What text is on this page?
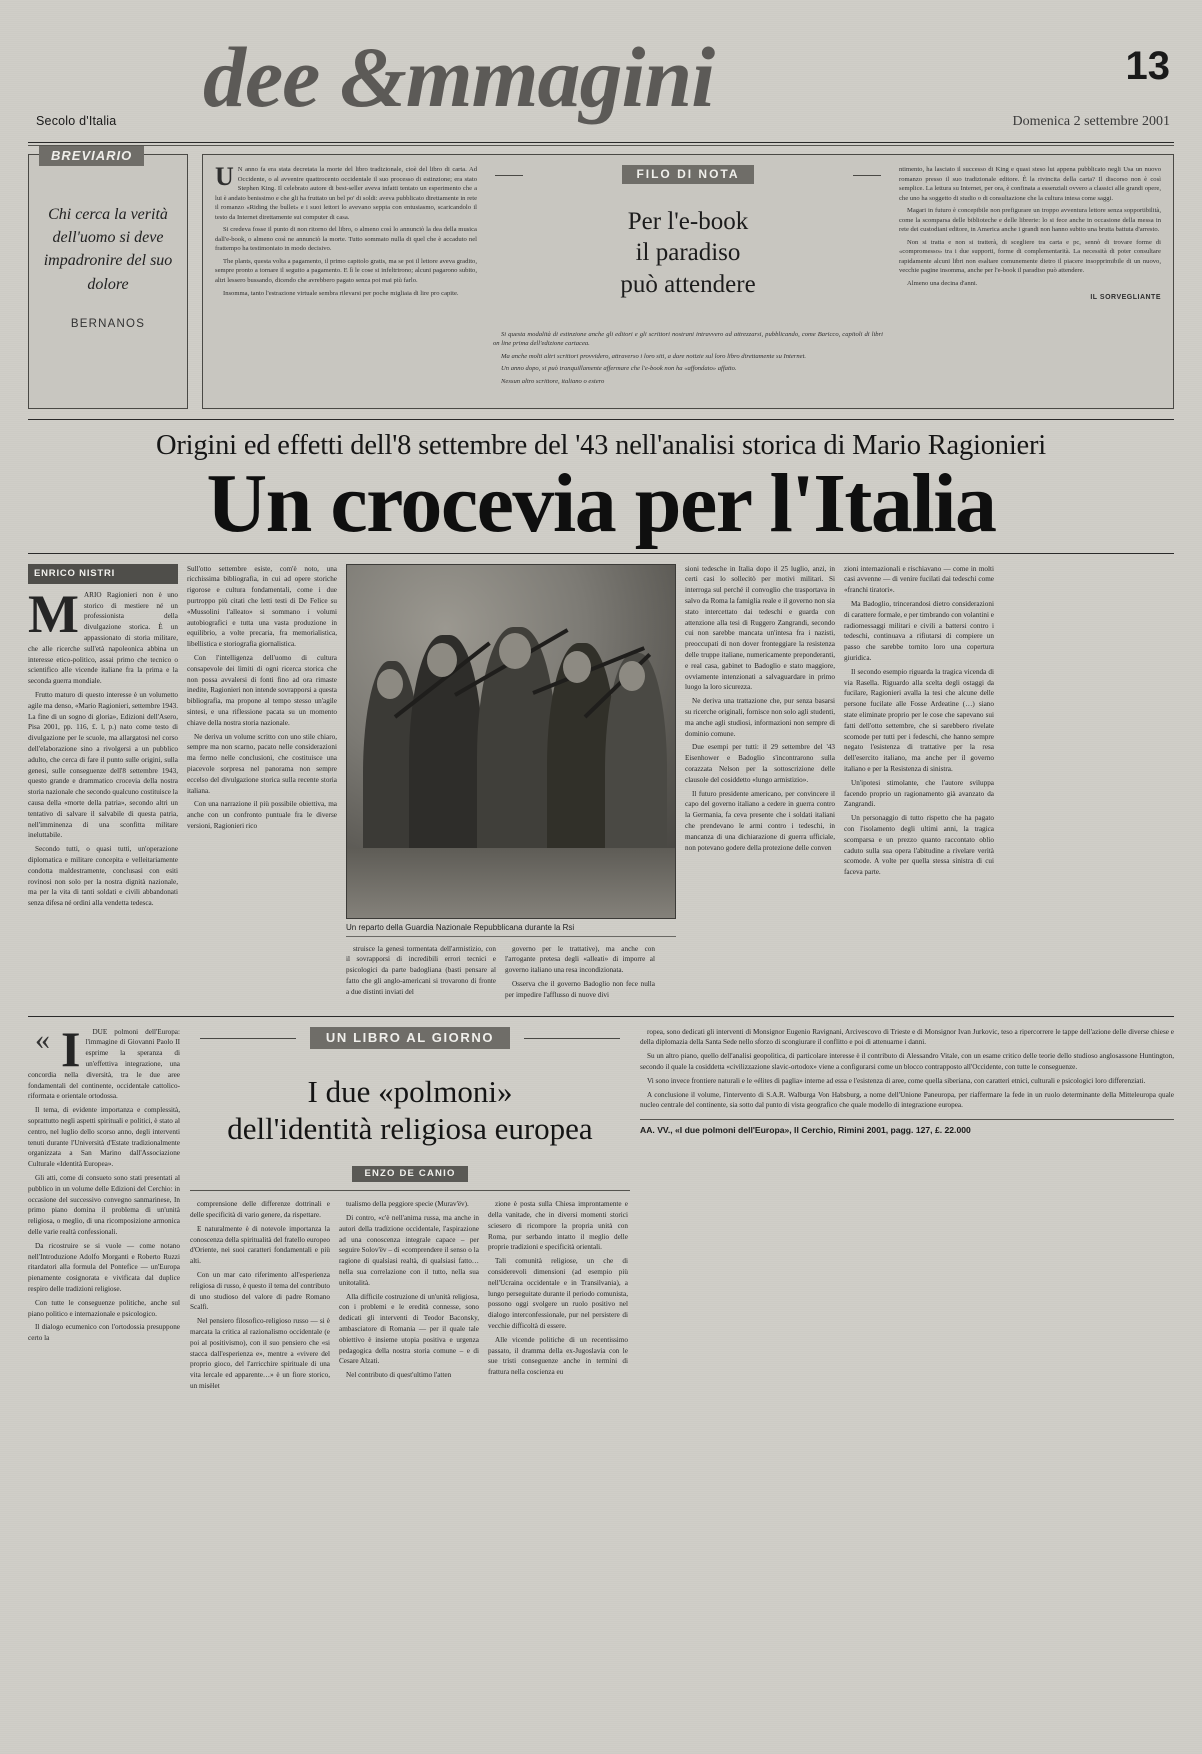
13
dee &mmagini
Secolo d'Italia	Domenica 2 settembre 2001
BREVIARIO
Chi cerca la verità dell'uomo si deve impadronire del suo dolore
BERNANOS

U N anno fa era stata decretata la morte del libro tradizionale, cioè del libro di carta. Ad Occidente, o al avvenire quattrocento occidentale il suo processo di estinzione; era stato Stephen King. Il celebrato autore di best-seller aveva infatti tentato un esperimento che a lui è andato benissimo e che gli ha fruttato un bel po' di soldi: aveva pubblicato direttamente in rete il romanzo «Riding the bullet» e i suoi lettori lo avevano seppia con entusiasmo, scaricandolo il testo da Internet direttamente sui computer di casa.

Si credeva fosse il punto di non ritorno del libro, o almeno così lo annunciò la dea della musica dall'e-book, o almeno così ne annunciò la morte. Tutto sommato nulla di quel che è accaduto nel frattempo ha testimoniato in modo decisivo.

The plants, questa volta a pagamento, il primo capitolo gratis, ma se poi il lettore aveva gradito, sempre pronto a tornare il seguito a pagamento. E lì le cose si infeltrirono; alcuni pagarono subito, altri lessero bussando, dicendo che avrebbero pagato senza poi mai più farlo.

Insomma, tanto l'estrazione virtuale sembra rilevarsi per poche migliaia di lire pro capite.

FILO DI NOTA
Per l'e-book
il paradiso
può attendere

Si questa modalità di estinzione anche gli editori e gli scrittori nostrani intravvero ad attrezzarsi, pubblicando, come Baricco, capitoli di libri on line prima dell'edizione cartacea.

Ma anche molti altri scrittori provvidero, attraverso i loro siti, a dare notizie sul loro libro direttamente su Internet.

Un anno dopo, si può tranquillamente affermare che l'e-book non ha «affondato» affatto.

Nessun altro scrittore, italiano o estero

ntimento, ha lasciato il successo di King e quasi steso lui appena pubblicato negli Usa un nuovo romanzo presso il suo tradizionale editore. È la rivincita della carta? Il discorso non è così semplice. La lettura su Internet, per ora, è confinata a essenziali ovvero a classici alle grandi opere, che uno ha soggetto di studio o di consultazione che la cultura intesa come saggi.

Magari in futuro è concepibile non prefigurare un troppo avventura lettore senza sopportibilità, come la scomparsa delle biblioteche e delle librerie: lo si fece anche in occasione della messa in rete dei custodiani editore, in America anche i grandi non hanno subito una brutta battuta d'arresto.

Non si tratta e non si tratterà, di scegliere tra carta e pc, sennò di trovare forme di «compromesso» tra i due supporti, forme di complementarità. La necessità di poter consultare rapidamente alcuni libri non esaltare comunemente dietro il piacere insopprimibile di un nuovo, vecchie pagine insomma, anche per l'e-book il paradiso può attendere.

Almeno una decina d'anni.

IL SORVEGLIANTE
Origini ed effetti dell'8 settembre del '43 nell'analisi storica di Mario Ragionieri
Un crocevia per l'Italia
ENRICO NISTRI

MARIO Ragionieri non è uno storico di mestiere né un professionista della divulgazione storica. È un appassionato di storia militare, che alle ricerche sull'età napoleonica abbina un interesse etico-politico, assai primo che tecnico o scientifico alle vicende italiane fra la prima e la seconda guerra mondiale.

Frutto maturo di questo interesse è un volumetto agile ma denso, «Mario Ragionieri, settembre 1943. La fine di un sogno di gloria», Edizioni dell'Asero, Pisa 2001, pp. 116, £. l, p.) nato come testo di divulgazione per le scuole, ma allargatosi nel corso dell'elaborazione sino a rivolgersi a un pubblico adulto, che cerca di fare il punto sulle origini, sulla genesi, sulle conseguenze dell'8 settembre 1943, questo grande e drammatico crocevia della nostra storia nazionale che secondo qualcuno costituisce la causa della «morte della patria», secondo altri un tentativo di salvare il salvabile di questa patria, nell'imminenza di una sconfitta militare ineluttabile.

Secondo tutti, o quasi tutti, un'operazione diplomatica e militare concepita e velleitariamente condotta maldestramente, conclusasi con esiti rovinosi non solo per la nostra dignità nazionale, ma per la vita di tanti soldati e civili abbandonati senza difesa né ordini alla vendetta tedesca.

Sull'otto settembre esiste, com'è noto, una ricchissima bibliografia, in cui ad opere storiche rigorose e cultura fondamentali, come i due purtroppo più citati che letti testi di De Felice su «Mussolini l'alleato» si sommano i volumi autobiografici e tutta una vasta produzione in equilibrio, a volte precaria, fra memorialistica, libellistica e storiografia giornalistica.

Con l'intelligenza dell'uomo di cultura consapevole dei limiti di ogni ricerca storica che non possa avvalersi di fonti fino ad ora rimaste inedite, Ragionieri non intende sovrapporsi a questa bibliografia, ma propone al tempo stesso un'agile sintesi, e una riflessione pacata su un momento chiave della nostra storia nazionale.

Ne deriva un volume scritto con uno stile chiaro, sempre ma non scarno, pacato nelle considerazioni ma fermo nelle conclusioni, che costituisce una piacevole sorpresa nel panorama non sempre eccelso del divulgazione storica sulla recente storia italiana.

Con una narrazione il più possibile obiettiva, ma anche con un confronto puntuale fra le diverse versioni, Ragionieri rico

Un reparto della Guardia Nazionale Repubblicana durante la Rsi

struisce la genesi tormentata dell'armistizio, con il sovrapporsi di incredibili errori tecnici e psicologici da parte badogliana (basti pensare al fatto che gli anglo-americani si trovarono di fronte a due distinti inviati del

governo per le trattative), ma anche con l'arrogante pretesa degli «alleati» di imporre al governo italiano una resa incondizionata.

Osserva che il governo Badoglio non fece nulla per impedire l'afflusso di nuove divi

sioni tedesche in Italia dopo il 25 luglio, anzi, in certi casi lo sollecitò per motivi militari. Si interroga sul perché il convoglio che trasportava in salvo da Roma la famiglia reale e il governo non sia stato intercettato dai tedeschi e guarda con attenzione alla tesi di Ruggero Zangrandi, secondo cui non sarebbe mancata un'intesa fra i nazisti, preoccupati di non dover fronteggiare la resistenza delle truppe italiane, numericamente preponderanti, e real casa, gabinet to Badoglio e stato maggiore, ovviamente intenzionati a salvaguardare in primo luogo la loro sicurezza.

Ne deriva una trattazione che, pur senza basarsi su ricerche originali, fornisce non solo agli studenti, ma anche agli studiosi, informazioni non sempre di dominio comune.

Due esempi per tutti: il 29 settembre del '43 Eisenhower e Badoglio s'incontrarono sulla corazzata Nelson per la sottoscrizione delle clausole del cosiddetto «lungo armistizio».

Il futuro presidente americano, per convincere il capo del governo italiano a cedere in guerra contro la Germania, fa ceva presente che i soldati italiani che prendevano le armi contro i tedeschi, in mancanza di una dichiarazione di guerra ufficiale, non potevano godere della protezione delle conven

zioni internazionali e rischiavano — come in molti casi avvenne — di venire fucilati dai tedeschi come «franchi tiratori».

Ma Badoglio, trincerandosi dietro considerazioni di carattere formale, e per timbrando con volantini e radiomessaggi militari e civili a battersi contro i tedeschi, continuava a rifiutarsi di compiere un passo che sarebbe tornito loro una copertura giuridica.

Il secondo esempio riguarda la tragica vicenda di via Rasella. Riguardo alla scelta degli ostaggi da fucilare, Ragionieri avalla la tesi che alcune delle persone fucilate alle Fosse Ardeatine (…) siano state eliminate proprio per le cose che sapevano sui fatti dell'otto settembre, che si sarebbero rivelate scomode per tutti per i fedeschi, che hanno sempre negato l'esistenza di trattative per la resa dell'esercito italiano, ma anche per il governo italiano e per la Resistenza di sinistra.

Un'ipotesi stimolante, che l'autore sviluppa facendo proprio un ragionamento già avanzato da Zangrandi.

Un personaggio di tutto rispetto che ha pagato con l'isolamento degli ultimi anni, la tragica scomparsa e un prezzo quanto raccontato oblio caduto sulla sua opera l'abitudine a rivelare verità scomode. A volte per quella stessa sinistra di cui faceva parte.

« I	DUE polmoni dell'Europa: l'immagine di Giovanni Paolo II esprime la speranza di un'effettiva integrazione, una concordia nella diversità, tra le due aree fondamentali del continente, occidentale cattolico-riformata e orientale ortodossa.

Il tema, di evidente importanza e complessità, soprattutto negli aspetti spirituali e politici, è stato al centro, nel luglio dello scorso anno, degli interventi tenuti durante l'Università d'Estate tradizionalmente organizzata a San Marino dall'Associazione Culturale «Identità Europea».

Gli atti, come di consueto sono stati presentati al pubblico in un volume delle Edizioni del Cerchio: in occasione del successivo convegno sanmarinese, In primo piano domina il problema di un'unità religiosa, o meglio, di una ricomposizione armonica delle varie realtà confessionali.

Da ricostruire se si vuole — come notano nell'Introduzione Adolfo Morganti e Roberto Ruzzi ritardatori alla formula del Pontefice — un'Europa pienamente cosignorata e vivificata dal duplice respiro delle tradizioni religiose.

Con tutte le conseguenze politiche, anche sul piano politico e internazionale e psicologico.

Il dialogo ecumenico con l'ortodossia presuppone certo la

UN LIBRO AL GIORNO
I due «polmoni»
dell'identità religiosa europea
ENZO DE CANIO

comprensione delle differenze dottrinali e delle specificità di vario genere, da rispettare.

E naturalmente è di notevole importanza la conoscenza della spiritualità del fratello europeo d'Oriente, nei suoi caratteri fondamentali e più alti.

Con un mar cato riferimento all'esperienza religiosa di russo, è questo il tema del contributo di uno studioso del valore di padre Romano Scalfi.

Nel pensiero filosofico-religioso russo — si è marcata la critica al razionalismo occidentale (e poi al positivismo), con il suo pensiero che «si stacca dall'esperienza e», mentre a «vivere del proprio gioco, del l'arricchire spirituale di una vita lercale ed apparente…» è un fiore storico, un misèlet

tualismo della peggiore specie (Murav'ëv).

Di contro, «c'è nell'anima russa, ma anche in autori della tradizione occidentale, l'aspirazione ad una conoscenza integrale capace – per seguire Solov'ëv – di «comprendere il senso o la ragione di qualsiasi realtà, di qualsiasi fatto… nella sua correlazione con il tutto, nella sua unitotalità.

Alla difficile costruzione di un'unità religiosa, con i problemi e le eredità connesse, sono dedicati gli interventi di Teodor Baconsky, ambasciatore di Romania — per il quale tale obiettivo è insieme utopia positiva e urgenza pedagogica della nostra storia comune – e di Cesare Alzati.

Nel contributo di quest'ultimo l'atten

zione è posta sulla Chiesa improntamente e della vanitade, che in diversi momenti storici sciesero di ricompore la propria unità con Roma, pur serbando intatto il meglio delle proprie tradizioni e specificità orientali.

Tali comunità religiose, un che di considerevoli dimensioni (ad esempio più nell'Ucraina occidentale e in Transilvania), a lungo perseguitate durante il periodo comunista, possono oggi svolgere un ruolo positivo nel dialogo interconfessionale, pur nel persistere di vecchie difficoltà di essere.

Alle vicende politiche di un recentissimo passato, il dramma della ex-Jugoslavia con le sue tristi conseguenze anche in termini di frattura nella coscienza eu

ropea, sono dedicati gli interventi di Monsignor Eugenio Ravignani, Arcivescovo di Trieste e di Monsignor Ivan Jurkovic, teso a ripercorrere le tappe dell'azione delle diverse chiese e della diplomazia della Santa Sede nello sforzo di scongiurare il conflitto e poi di attenuarne i danni.

Su un altro piano, quello dell'analisi geopolitica, di particolare interesse è il contributo di Alessandro Vitale, con un esame critico delle teorie dello studioso anglosassone Huntington, secondo il quale la cosiddetta «civilizzazione slavic-ortodox» viene a configurarsi come un blocco contrapposto all'Occidente, con tutte le conseguenze.

Vi sono invece frontiere naturali e le «élites di paglia» interne ad essa e l'esistenza di aree, come quella siberiana, con caratteri etnici, culturali e psicologici loro differenziati.

A conclusione il volume, l'intervento di S.A.R. Walburga Von Habsburg, a nome dell'Unione Paneuropa, per riaffermare la fede in un ruolo determinante della Mitteleuropa quale nucleo centrale del continente, sia sotto dal punto di vista geografico che quale modello di integrazione europea.

AA. VV., «I due polmoni dell'Europa», Il Cerchio, Rimini 2001, pagg. 127, £. 22.000
